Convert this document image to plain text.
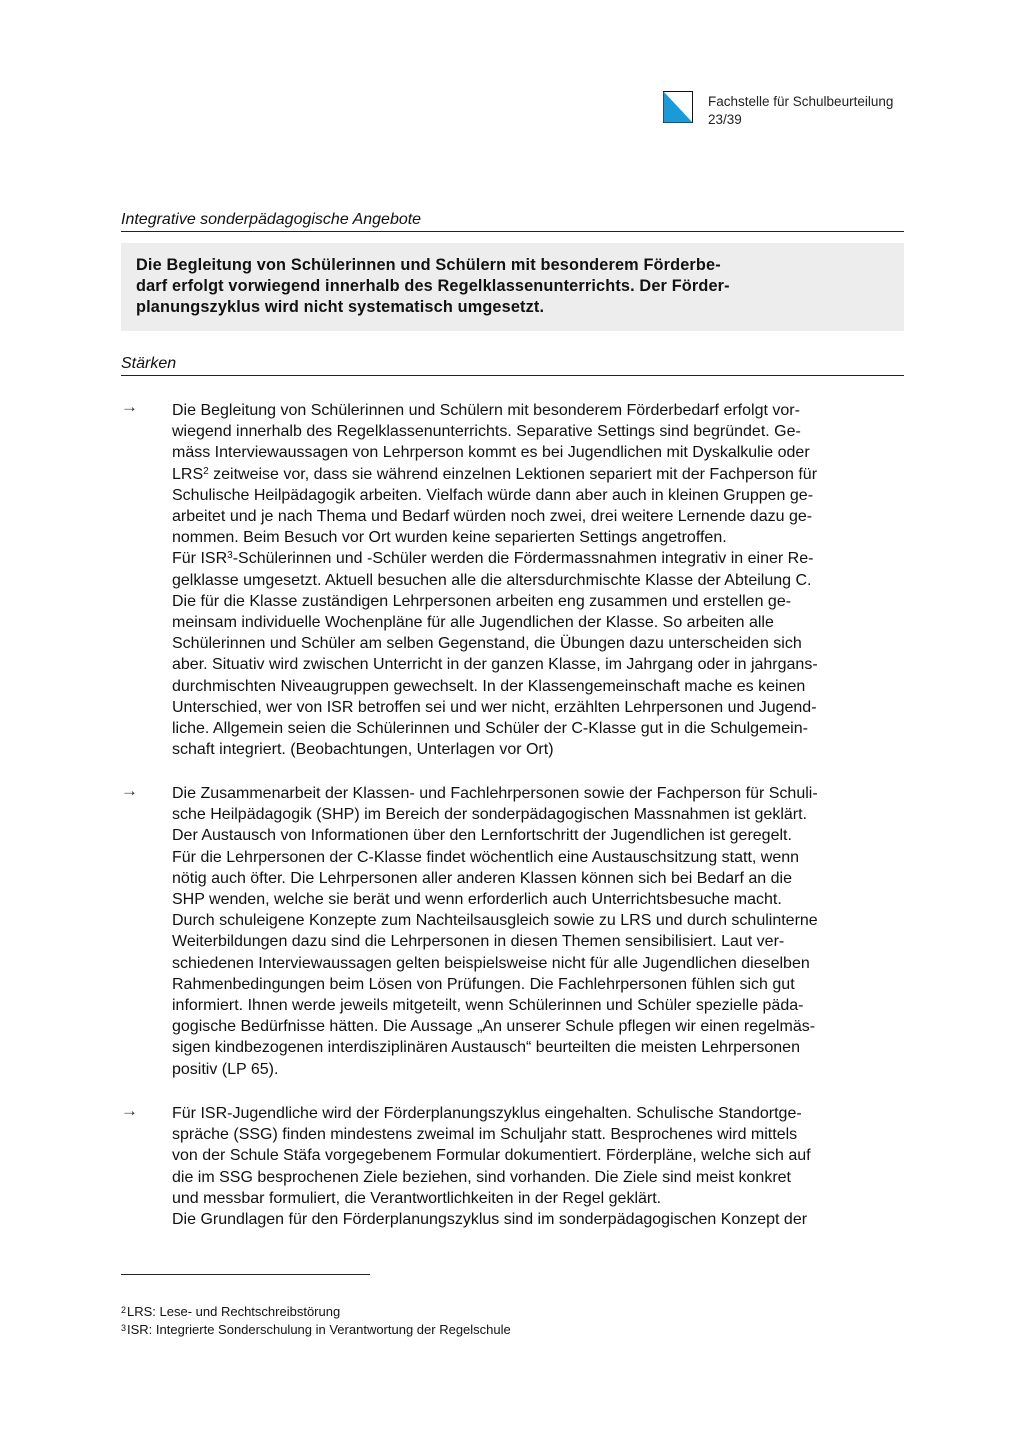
Fachstelle für Schulbeurteilung
23/39
Integrative sonderpädagogische Angebote

Die Begleitung von Schülerinnen und Schülern mit besonderem Förderbe-

darf erfolgt vorwiegend innerhalb des Regelklassenunterrichts. Der Förder-

planungszyklus wird nicht systematisch umgesetzt.

Stärken
→ Die Begleitung von Schülerinnen und Schülern mit besonderem Förderbedarf erfolgt vor-

wiegend innerhalb des Regelklassenunterrichts. Separative Settings sind begründet. Ge-

mäss Interviewaussagen von Lehrperson kommt es bei Jugendlichen mit Dyskalkulie oder

LRS$^2$ zeitweise vor, dass sie während einzelnen Lektionen separiert mit der Fachperson für

Schulische Heilpädagogik arbeiten. Vielfach würde dann aber auch in kleinen Gruppen ge-

arbeitet und je nach Thema und Bedarf würden noch zwei, drei weitere Lernende dazu ge-

nommen. Beim Besuch vor Ort wurden keine separierten Settings angetroffen.

Für ISR$^3$-Schülerinnen und -Schüler werden die Fördermassnahmen integrativ in einer Re-

gelklasse umgesetzt. Aktuell besuchen alle die altersdurchmischte Klasse der Abteilung C.

Die für die Klasse zuständigen Lehrpersonen arbeiten eng zusammen und erstellen ge-

meinsam individuelle Wochenpläne für alle Jugendlichen der Klasse. So arbeiten alle

Schülerinnen und Schüler am selben Gegenstand, die Übungen dazu unterscheiden sich

aber. Situativ wird zwischen Unterricht in der ganzen Klasse, im Jahrgang oder in jahrgans-

durchmischten Niveaugruppen gewechselt. In der Klassengemeinschaft mache es keinen

Unterschied, wer von ISR betroffen sei und wer nicht, erzählten Lehrpersonen und Jugend-

liche. Allgemein seien die Schülerinnen und Schüler der C-Klasse gut in die Schulgemein-

schaft integriert. (Beobachtungen, Unterlagen vor Ort)

→ Die Zusammenarbeit der Klassen- und Fachlehrpersonen sowie der Fachperson für Schuli-

sche Heilpädagogik (SHP) im Bereich der sonderpädagogischen Massnahmen ist geklärt.

Der Austausch von Informationen über den Lernfortschritt der Jugendlichen ist geregelt.

Für die Lehrpersonen der C-Klasse findet wöchentlich eine Austauschsitzung statt, wenn

nötig auch öfter. Die Lehrpersonen aller anderen Klassen können sich bei Bedarf an die

SHP wenden, welche sie berät und wenn erforderlich auch Unterrichtsbesuche macht.

Durch schuleigene Konzepte zum Nachteilsausgleich sowie zu LRS und durch schulinterne

Weiterbildungen dazu sind die Lehrpersonen in diesen Themen sensibilisiert. Laut ver-

schiedenen Interviewaussagen gelten beispielsweise nicht für alle Jugendlichen dieselben

Rahmenbedingungen beim Lösen von Prüfungen. Die Fachlehrpersonen fühlen sich gut

informiert. Ihnen werde jeweils mitgeteilt, wenn Schülerinnen und Schüler spezielle päda-

gogische Bedürfnisse hätten. Die Aussage „An unserer Schule pflegen wir einen regelmäs-

sigen kindbezogenen interdisziplinären Austausch“ beurteilten die meisten Lehrpersonen

positiv (LP 65).

→ Für ISR-Jugendliche wird der Förderplanungszyklus eingehalten. Schulische Standortge-

spräche (SSG) finden mindestens zweimal im Schuljahr statt. Besprochenes wird mittels

von der Schule Stäfa vorgegebenem Formular dokumentiert. Förderpläne, welche sich auf

die im SSG besprochenen Ziele beziehen, sind vorhanden. Die Ziele sind meist konkret

und messbar formuliert, die Verantwortlichkeiten in der Regel geklärt.

Die Grundlagen für den Förderplanungszyklus sind im sonderpädagogischen Konzept der

$^2$LRS: Lese- und Rechtschreibstörung

$^3$ISR: Integrierte Sonderschulung in Verantwortung der Regelschule
